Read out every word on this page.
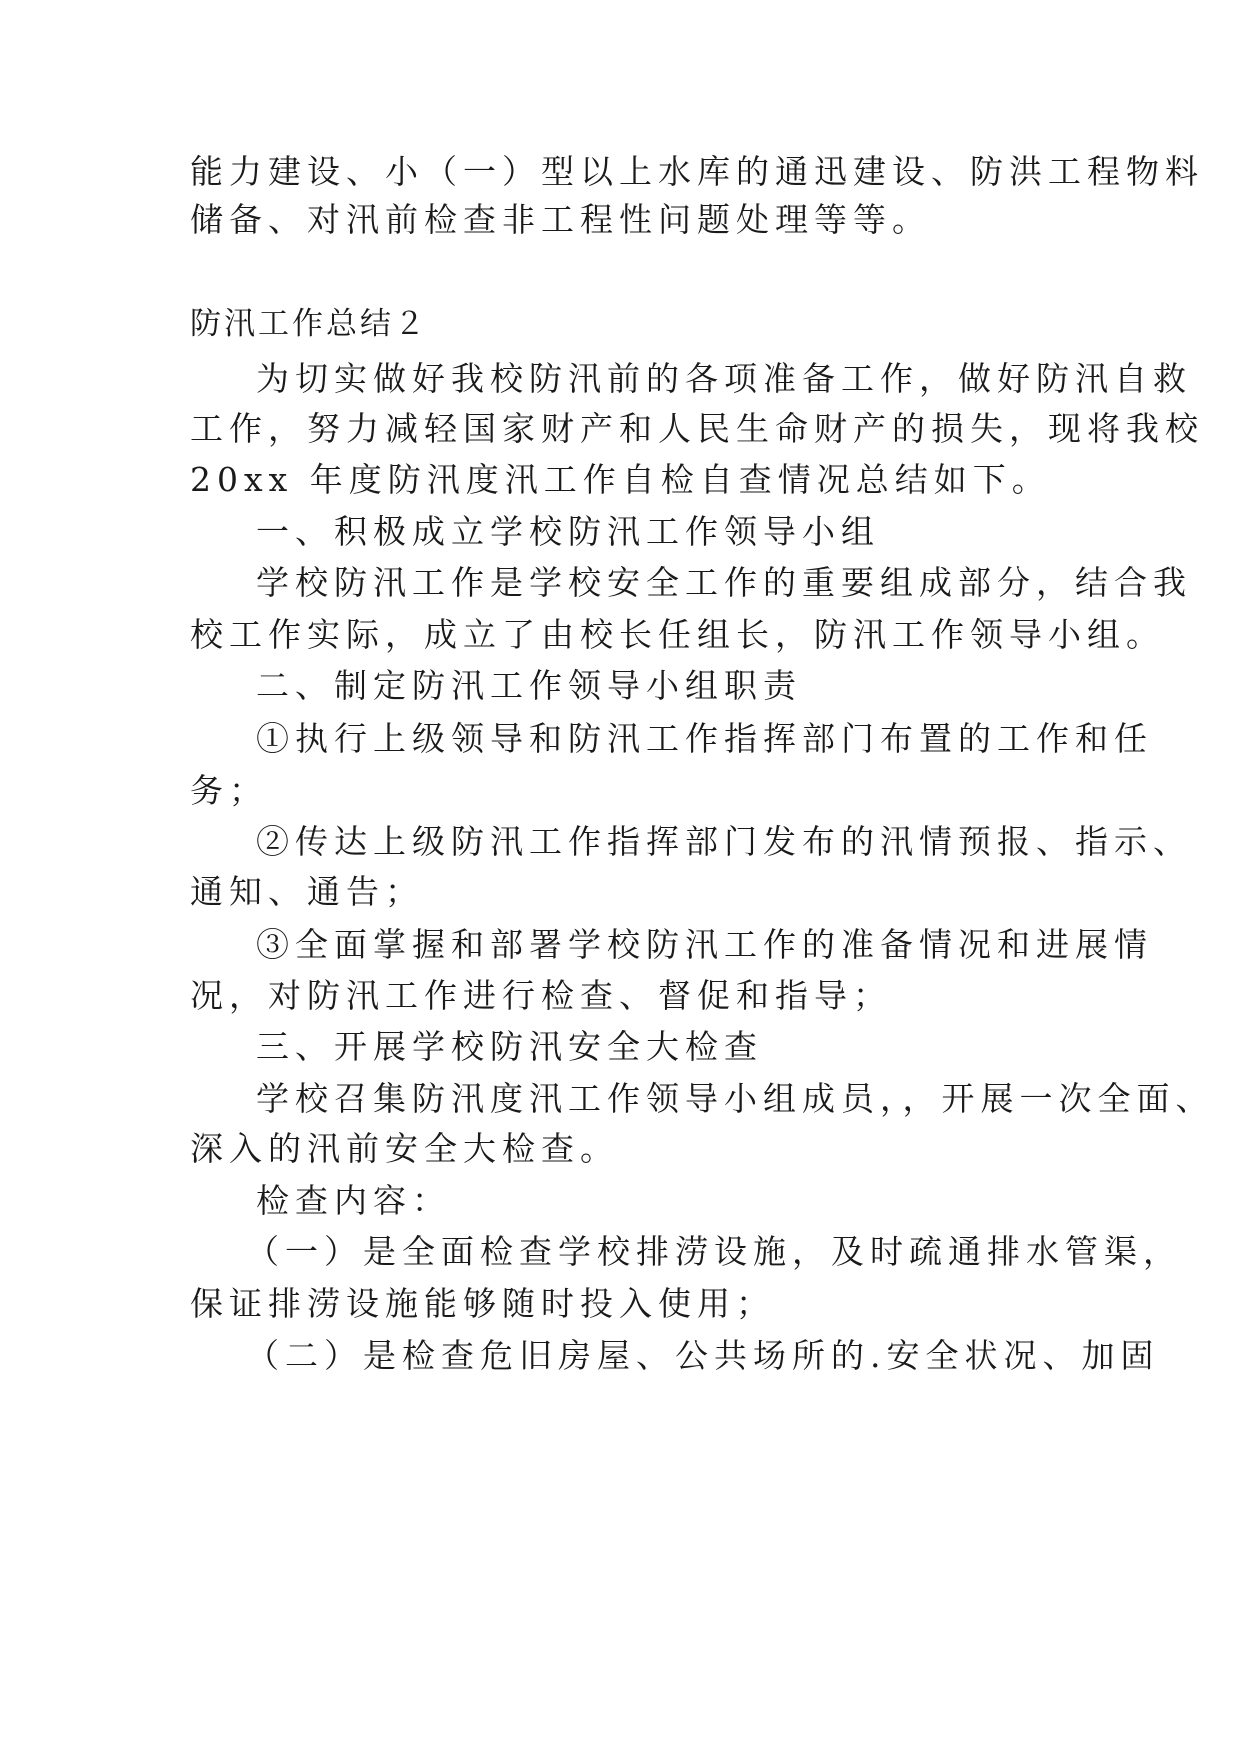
能力建设、小（一）型以上水库的通迅建设、防洪工程物料
储备、对汛前检查非工程性问题处理等等。
防汛工作总结２
为切实做好我校防汛前的各项准备工作，做好防汛自救
工作，努力减轻国家财产和人民生命财产的损失，现将我校
20xx 年度防汛度汛工作自检自查情况总结如下。
一、积极成立学校防汛工作领导小组
学校防汛工作是学校安全工作的重要组成部分，结合我
校工作实际，成立了由校长任组长，防汛工作领导小组。
二、制定防汛工作领导小组职责
①执行上级领导和防汛工作指挥部门布置的工作和任
务；
②传达上级防汛工作指挥部门发布的汛情预报、指示、
通知、通告；
③全面掌握和部署学校防汛工作的准备情况和进展情
况，对防汛工作进行检查、督促和指导；
三、开展学校防汛安全大检查
学校召集防汛度汛工作领导小组成员，，开展一次全面、
深入的汛前安全大检查。
检查内容：
（一）是全面检查学校排涝设施，及时疏通排水管渠，
保证排涝设施能够随时投入使用；
（二）是检查危旧房屋、公共场所的.安全状况、加固
